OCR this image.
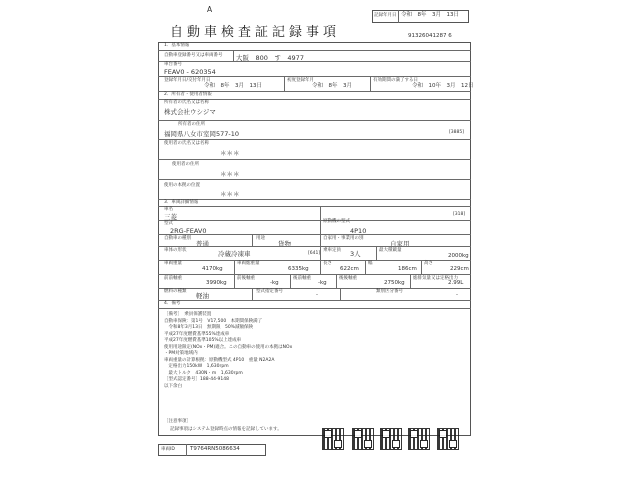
A
自動車検査証記録事項
記録年月日 令和　8年　3月　13日
91326041287 6
1．基本情報
自動車登録番号又は車両番号 大阪　800　す　4977
車台番号
FEAV0 - 620354
登録年月日/交付年月日
令和　8年　3月　13日
初度登録年月
令和　8年　3月
有効期間の満了する日
令和　10年　3月　12日
2．所有者・使用者情報
所有者の氏名又は名称
株式会社ウシジマ
所有者の住所
福岡県八女市室岡577-10	[3885]
使用者の氏名又は名称
＊＊＊
使用者の住所
＊＊＊
使用の本拠の位置
＊＊＊
3．車両詳細情報
車名
三菱	[318]
型式
2RG-FEAV0
原動機の型式
4P10
自動車の種別
普通
用途
貨物
自家用・事業用の別
自家用
車体の形状	冷蔵冷凍車	[641]
乗車定員 3人	最大積載量
2000kg
車両重量
4170kg
車両総重量
6335kg
長さ
622cm
幅
186cm
高さ
229cm
前前軸重
3990kg
前後軸重
-kg
後前軸重
-kg
後後軸重
2750kg
総排気量又は定格出力
2.99L
燃料の種類
軽油
型式指定番号
-
類別区分番号
-
4．備考
［備考］　乗員保護装置
自動車保険：第1号　V17,500　本期間保険満了
　令和8年3月13日　無期限　50%減額保険
平成27年度燃費基準55%達成車
平成27年度燃費基準105%以上達成車
使用用途限定(NOx・PM)適合。この自動車の使用の本拠はNOx
・PM対策地域内
車両重量の計算根拠：原動機型式 4P10　重量 N2A2A
　定格出力150kW　1,630rpm
　最大トルク　430N・m　1,630rpm
［型式認定番号］188-44-9148
以下余白
［注意事項］
記録事項はシステム登録時点の情報を記録しています。
車両ID	T9764RN5086634
